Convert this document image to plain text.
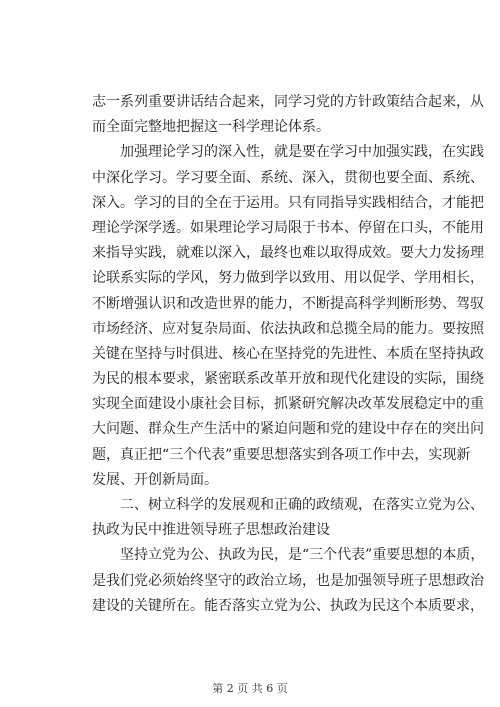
志一系列重要讲话结合起来，同学习党的方针政策结合起来，从
而全面完整地把握这一科学理论体系。
加强理论学习的深入性，就是要在学习中加强实践，在实践
中深化学习。学习要全面、系统、深入，贯彻也要全面、系统、
深入。学习的目的全在于运用。只有同指导实践相结合，才能把
理论学深学透。如果理论学习局限于书本、停留在口头，不能用
来指导实践，就难以深入，最终也难以取得成效。要大力发扬理
论联系实际的学风，努力做到学以致用、用以促学、学用相长，
不断增强认识和改造世界的能力，不断提高科学判断形势、驾驭
市场经济、应对复杂局面、依法执政和总揽全局的能力。要按照
关键在坚持与时俱进、核心在坚持党的先进性、本质在坚持执政
为民的根本要求，紧密联系改革开放和现代化建设的实际，围绕
实现全面建设小康社会目标，抓紧研究解决改革发展稳定中的重
大问题、群众生产生活中的紧迫问题和党的建设中存在的突出问
题，真正把“三个代表”重要思想落实到各项工作中去，实现新
发展、开创新局面。
二、树立科学的发展观和正确的政绩观，在落实立党为公、
执政为民中推进领导班子思想政治建设
坚持立党为公、执政为民，是“三个代表”重要思想的本质，
是我们党必须始终坚守的政治立场，也是加强领导班子思想政治
建设的关键所在。能否落实立党为公、执政为民这个本质要求，
第 2 页 共 6 页
